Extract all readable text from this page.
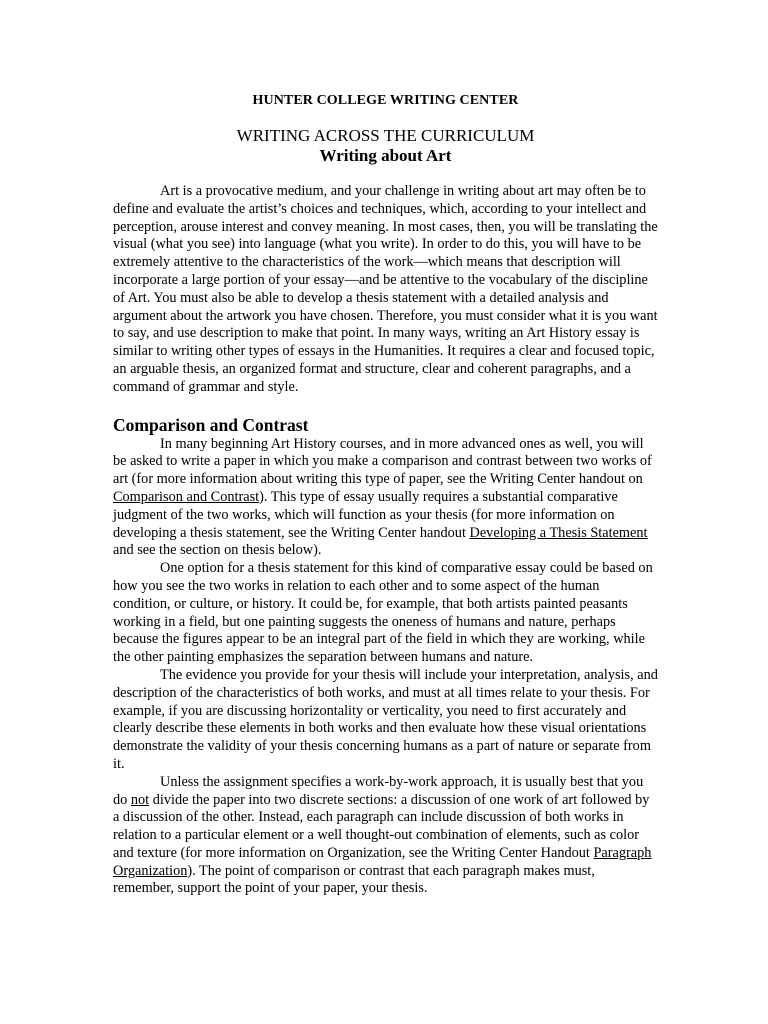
HUNTER COLLEGE WRITING CENTER
WRITING ACROSS THE CURRICULUM
Writing about Art

Art is a provocative medium, and your challenge in writing about art may often be to define and evaluate the artist’s choices and techniques, which, according to your intellect and perception, arouse interest and convey meaning. In most cases, then, you will be translating the visual (what you see) into language (what you write). In order to do this, you will have to be extremely attentive to the characteristics of the work—which means that description will incorporate a large portion of your essay—and be attentive to the vocabulary of the discipline of Art. You must also be able to develop a thesis statement with a detailed analysis and argument about the artwork you have chosen. Therefore, you must consider what it is you want to say, and use description to make that point. In many ways, writing an Art History essay is similar to writing other types of essays in the Humanities. It requires a clear and focused topic, an arguable thesis, an organized format and structure, clear and coherent paragraphs, and a command of grammar and style.

Comparison and Contrast

In many beginning Art History courses, and in more advanced ones as well, you will be asked to write a paper in which you make a comparison and contrast between two works of art (for more information about writing this type of paper, see the Writing Center handout on Comparison and Contrast). This type of essay usually requires a substantial comparative judgment of the two works, which will function as your thesis (for more information on developing a thesis statement, see the Writing Center handout Developing a Thesis Statement and see the section on thesis below).

One option for a thesis statement for this kind of comparative essay could be based on how you see the two works in relation to each other and to some aspect of the human condition, or culture, or history. It could be, for example, that both artists painted peasants working in a field, but one painting suggests the oneness of humans and nature, perhaps because the figures appear to be an integral part of the field in which they are working, while the other painting emphasizes the separation between humans and nature.

The evidence you provide for your thesis will include your interpretation, analysis, and description of the characteristics of both works, and must at all times relate to your thesis. For example, if you are discussing horizontality or verticality, you need to first accurately and clearly describe these elements in both works and then evaluate how these visual orientations demonstrate the validity of your thesis concerning humans as a part of nature or separate from it.

Unless the assignment specifies a work-by-work approach, it is usually best that you do not divide the paper into two discrete sections: a discussion of one work of art followed by a discussion of the other. Instead, each paragraph can include discussion of both works in relation to a particular element or a well thought-out combination of elements, such as color and texture (for more information on Organization, see the Writing Center Handout Paragraph Organization). The point of comparison or contrast that each paragraph makes must, remember, support the point of your paper, your thesis.
